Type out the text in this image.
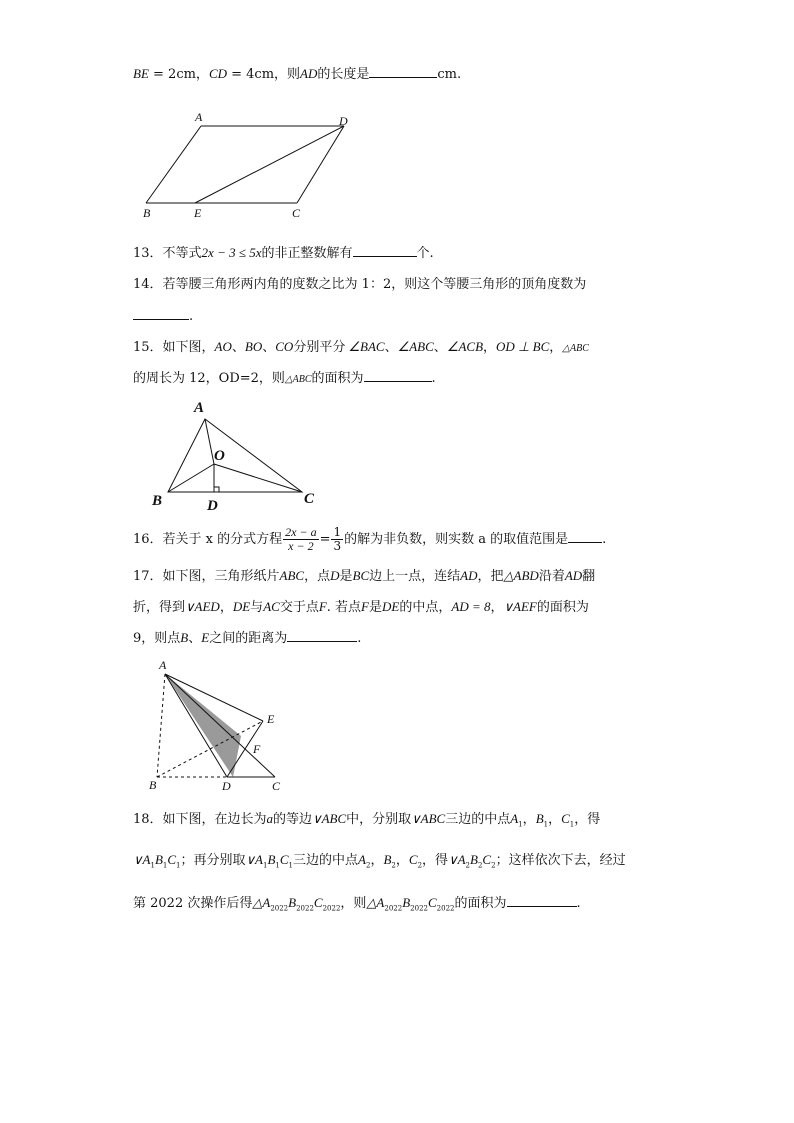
BE = 2cm，CD = 4cm，则AD的长度是	cm.
A	D
B	E	C
13．不等式2x − 3 ≤ 5x的非正整数解有	个.
14．若等腰三角形两内角的度数之比为 1：2，则这个等腰三角形的顶角度数为
.
15．如下图，AO、BO、CO分别平分 ∠BAC、∠ABC、∠ACB，OD ⊥ BC，△ABC
的周长为 12，OD=2，则△ABC的面积为	.
A
O
B	D	C
16．若关于 x 的分式方程 $\frac{2x - a}{x - 2} = \frac{1}{3}$ 的解为非负数，则实数 a 的取值范围是	.
17．如下图，三角形纸片ABC，点D是BC边上一点，连结AD，把△ABD沿着AD翻
折，得到∨AED，DE与AC交于点F. 若点F是DE的中点，AD = 8，∨AEF的面积为
9，则点B、E之间的距离为	.
A
E
F
B	D	C
18．如下图，在边长为a的等边∨ABC中，分别取∨ABC三边的中点$A_1$，$B_1$，$C_1$，得
$\vee A_1B_1C_1$；再分别取$\vee A_1B_1C_1$三边的中点$A_2$，$B_2$，$C_2$，得$\vee A_2B_2C_2$；这样依次下去，经过
第 2022 次操作后得$\triangle A_{2022}B_{2022}C_{2022}$，则$\triangle A_{2022}B_{2022}C_{2022}$的面积为	.
